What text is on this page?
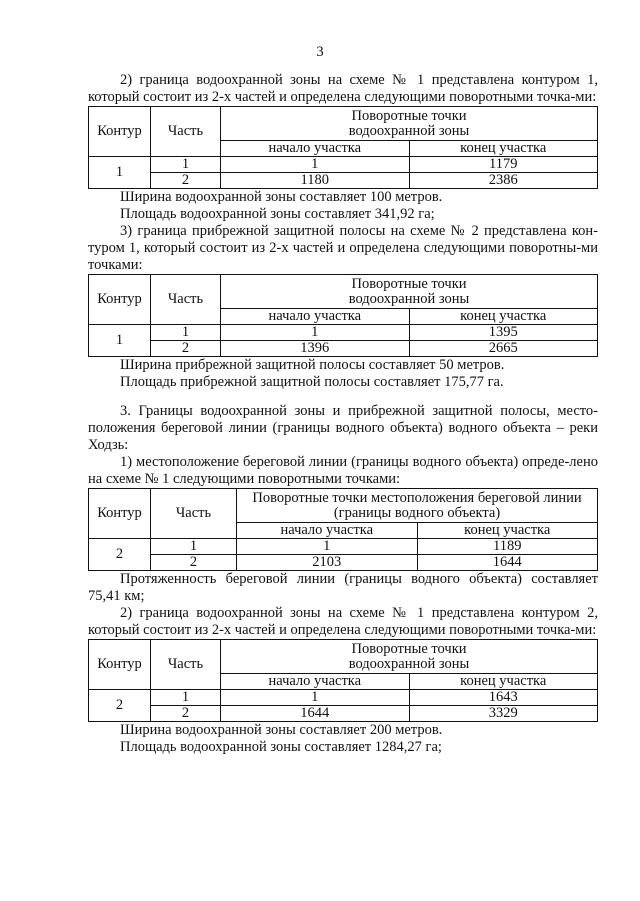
3

2) граница водоохранной зоны на схеме № 1 представлена контуром 1, который состоит из 2-х частей и определена следующими поворотными точка-ми:

Контур	Часть	Поворотные точки
водоохранной зоны	

		начало участка	конец участка
1	1	1	1179
	2	1180	2386

Ширина водоохранной зоны составляет 100 метров.

Площадь водоохранной зоны составляет 341,92 га;

3) граница прибрежной защитной полосы на схеме № 2 представлена кон-туром 1, который состоит из 2-х частей и определена следующими поворотны-ми точками:

Контур	Часть	Поворотные точки
водоохранной зоны	

		начало участка	конец участка
1	1	1	1395
	2	1396	2665

Ширина прибрежной защитной полосы составляет 50 метров.

Площадь прибрежной защитной полосы составляет 175,77 га.

3. Границы водоохранной зоны и прибрежной защитной полосы, место-положения береговой линии (границы водного объекта) водного объекта – реки Ходзь:

1) местоположение береговой линии (границы водного объекта) опреде-лено на схеме № 1 следующими поворотными точками:

Контур	Часть	Поворотные точки местоположения береговой линии
(границы водного объекта)	

		начало участка	конец участка
2	1	1	1189
	2	2103	1644

Протяженность береговой линии (границы водного объекта) составляет 75,41 км;

2) граница водоохранной зоны на схеме № 1 представлена контуром 2, который состоит из 2-х частей и определена следующими поворотными точка-ми:

Контур	Часть	Поворотные точки
водоохранной зоны	

		начало участка	конец участка
2	1	1	1643
	2	1644	3329

Ширина водоохранной зоны составляет 200 метров.

Площадь водоохранной зоны составляет 1284,27 га;
